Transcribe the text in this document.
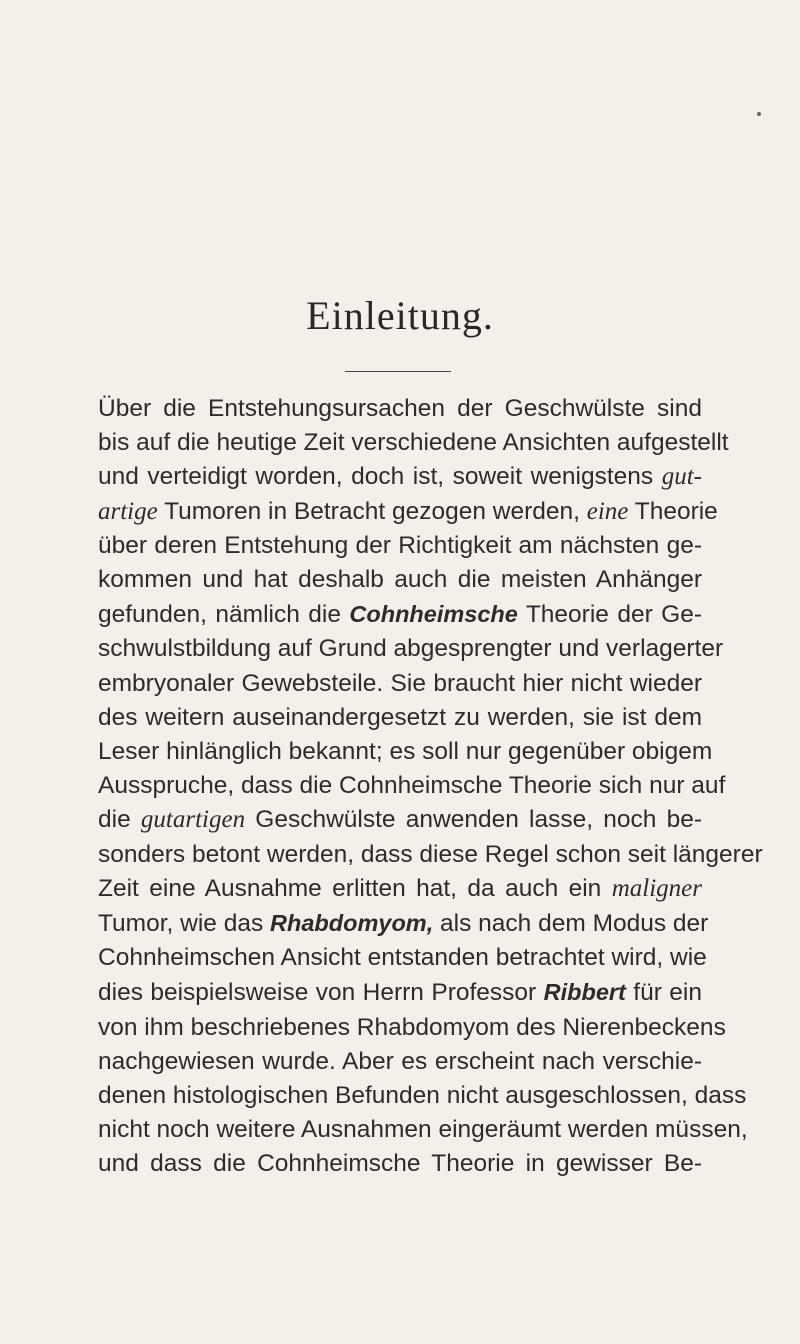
Einleitung.
Über die Entstehungsursachen der Geschwülste sind
bis auf die heutige Zeit verschiedene Ansichten aufgestellt
und verteidigt worden, doch ist, soweit wenigstens gut-
artige Tumoren in Betracht gezogen werden, eine Theorie
über deren Entstehung der Richtigkeit am nächsten ge-
kommen und hat deshalb auch die meisten Anhänger
gefunden, nämlich die Cohnheimsche Theorie der Ge-
schwulstbildung auf Grund abgesprengter und verlagerter
embryonaler Gewebsteile. Sie braucht hier nicht wieder
des weitern auseinandergesetzt zu werden, sie ist dem
Leser hinlänglich bekannt; es soll nur gegenüber obigem
Ausspruche, dass die Cohnheimsche Theorie sich nur auf
die gutartigen Geschwülste anwenden lasse, noch be-
sonders betont werden, dass diese Regel schon seit längerer
Zeit eine Ausnahme erlitten hat, da auch ein maligner
Tumor, wie das Rhabdomyom, als nach dem Modus der
Cohnheimschen Ansicht entstanden betrachtet wird, wie
dies beispielsweise von Herrn Professor Ribbert für ein
von ihm beschriebenes Rhabdomyom des Nierenbeckens
nachgewiesen wurde. Aber es erscheint nach verschie-
denen histologischen Befunden nicht ausgeschlossen, dass
nicht noch weitere Ausnahmen eingeräumt werden müssen,
und dass die Cohnheimsche Theorie in gewisser Be-
